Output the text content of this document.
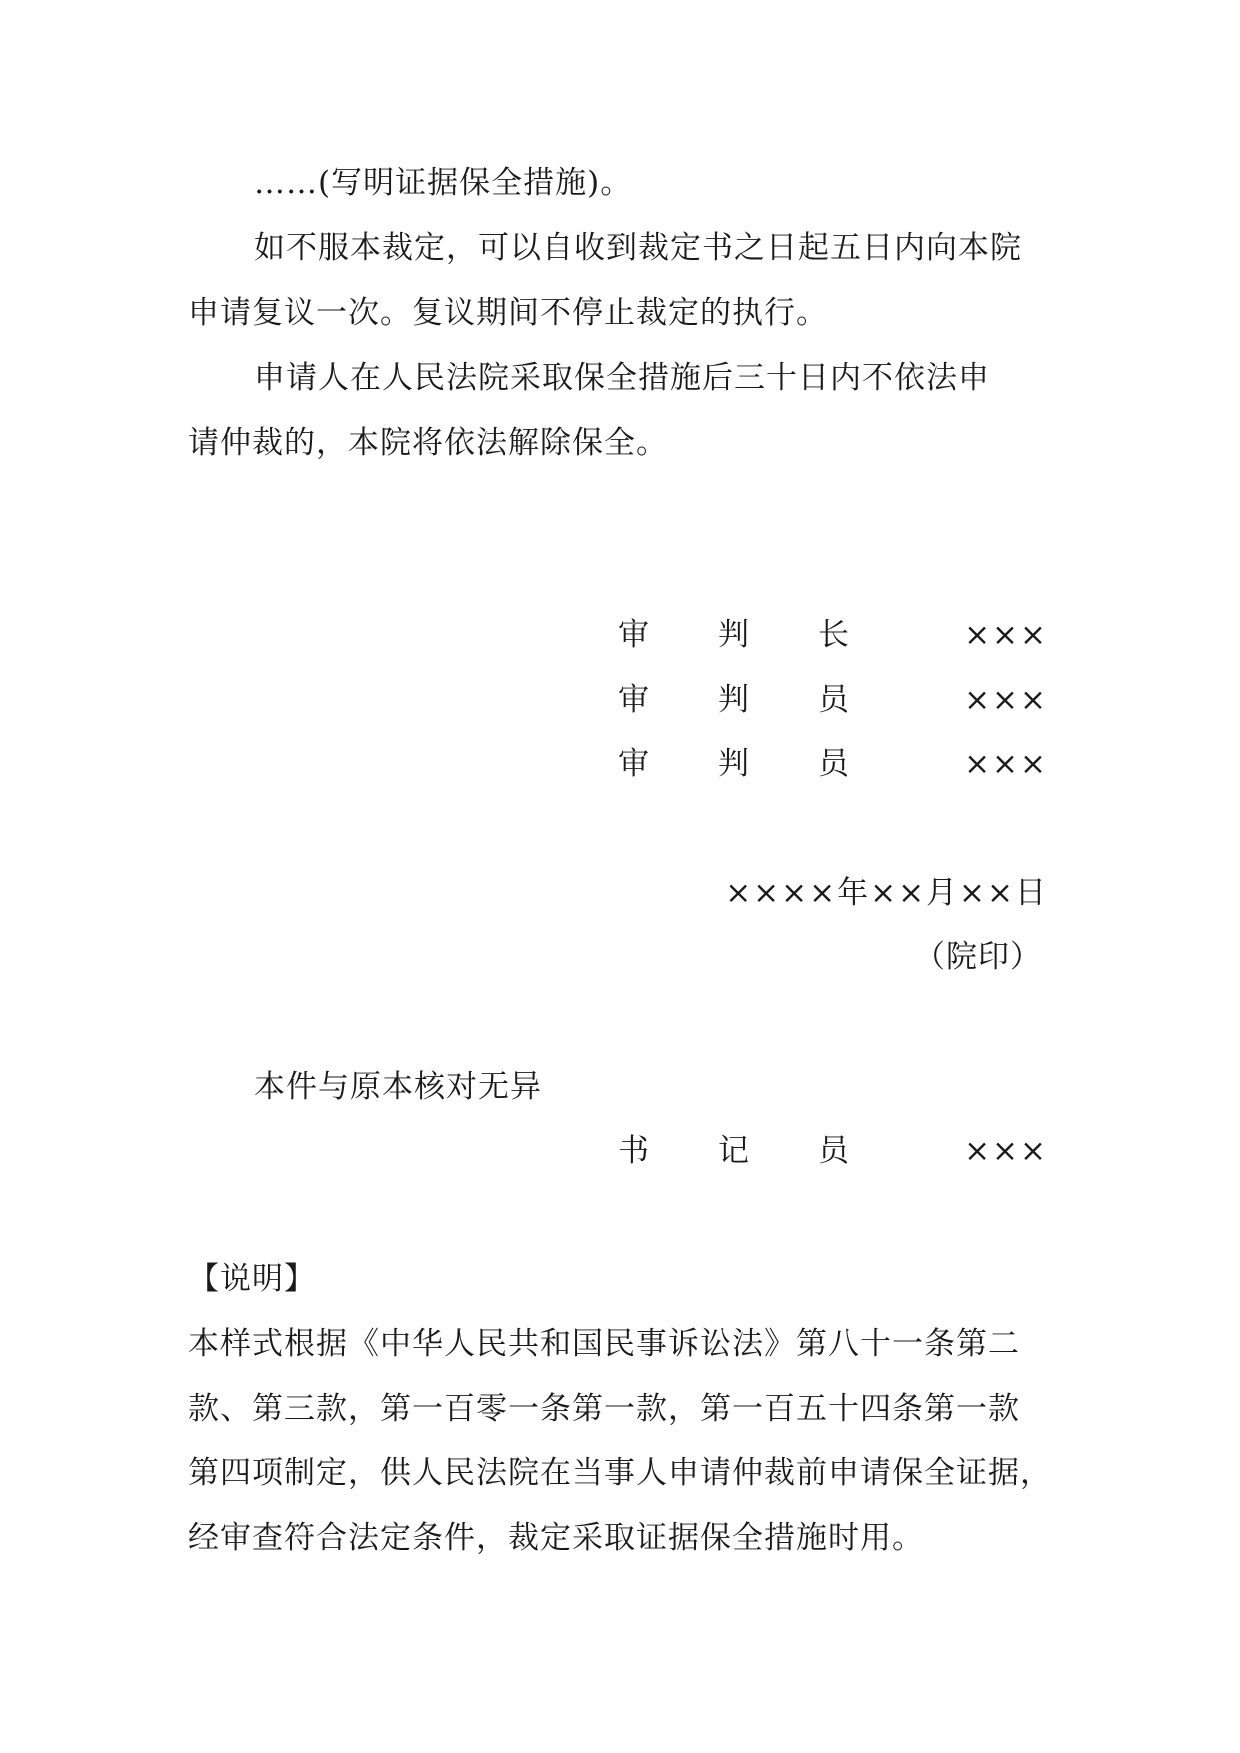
……(写明证据保全措施)。
如不服本裁定，可以自收到裁定书之日起五日内向本院
申请复议一次。复议期间不停止裁定的执行。
申请人在人民法院采取保全措施后三十日内不依法申
请仲裁的，本院将依法解除保全。
审 判 长	×××
审 判 员	×××
审 判 员	×××
××××年××月××日
（院印）
本件与原本核对无异
书 记 员	×××
【说明】
本样式根据《中华人民共和国民事诉讼法》第八十一条第二
款、第三款，第一百零一条第一款，第一百五十四条第一款
第四项制定，供人民法院在当事人申请仲裁前申请保全证据，
经审查符合法定条件，裁定采取证据保全措施时用。
